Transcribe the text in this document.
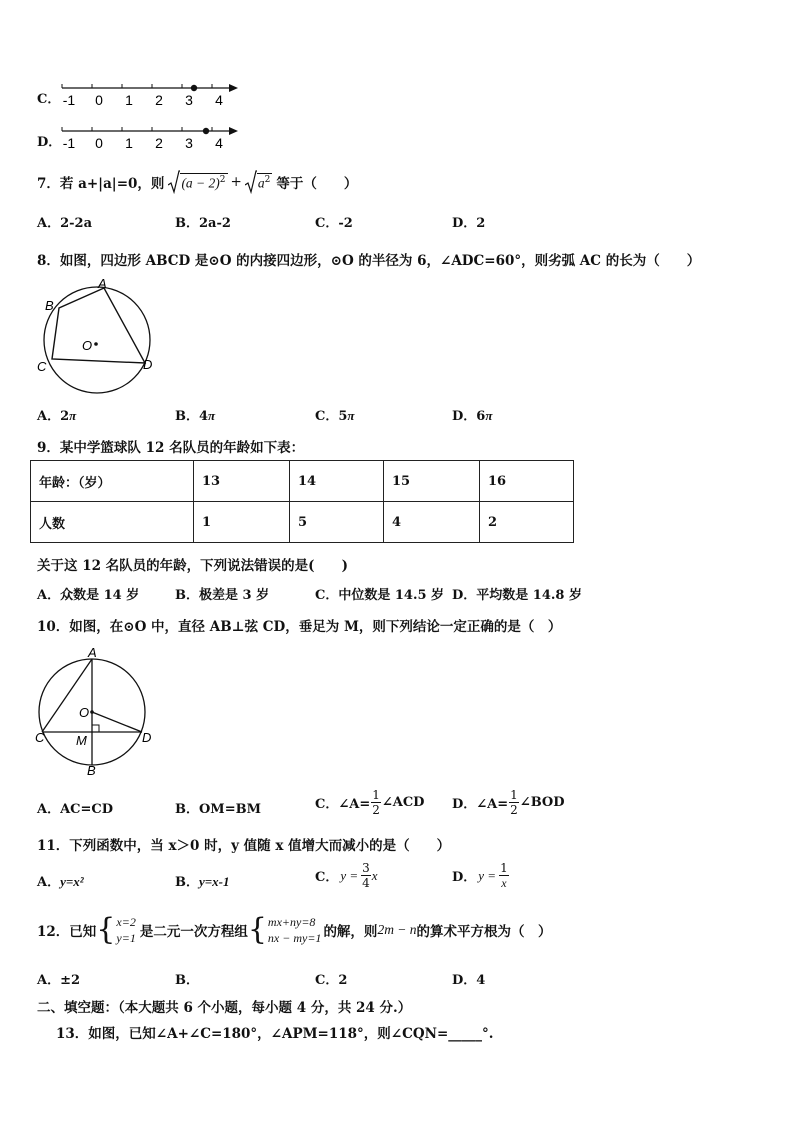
C． -1 0 1 2 3 4
D． -1 0 1 2 3 4
7．若 a+|a|=0，则 $(a - 2)^2 + a^2$ 等于（　　）
A．2-2a	B．2a-2	C．-2	D．2
8．如图，四边形 ABCD 是⊙O 的内接四边形，⊙O 的半径为 6，∠ADC=60°，则劣弧 AC 的长为（　　）
A
B
C	D
O
A．2π	B．4π	C．5π	D．6π
9．某中学篮球队 12 名队员的年龄如下表：
年龄：（岁）	13	14	15	16
人数	1	5	4	2
关于这 12 名队员的年龄，下列说法错误的是(　　)
A．众数是 14 岁	B．极差是 3 岁	C．中位数是 14.5 岁 D．平均数是 14.8 岁
10．如图，在⊙O 中，直径 AB⊥弦 CD，垂足为 M，则下列结论一定正确的是（　）
A
B
C	D
O
M
A．AC=CD	B．OM=BM	C．∠A= $\frac{1}{2}$ ∠ACD D．∠A= $\frac{1}{2}$ ∠BOD
11．下列函数中，当 x＞0 时，y 值随 x 值增大而减小的是（　　）
A．y=x²	B．y=x-1	C． $y = \frac{3}{4}$ x	D． $y = \frac{1}{x}$
12．已知 { x=2
y=1 是二元一次方程组 { mx+ny=8
nx − my=1 的解，则 2m − n 的算术平方根为（　）
A．±2	B．	C．2	D．4
二、填空题：（本大题共 6 个小题，每小题 4 分，共 24 分.）
13．如图，已知∠A+∠C=180°，∠APM=118°，则∠CQN=_____°.
